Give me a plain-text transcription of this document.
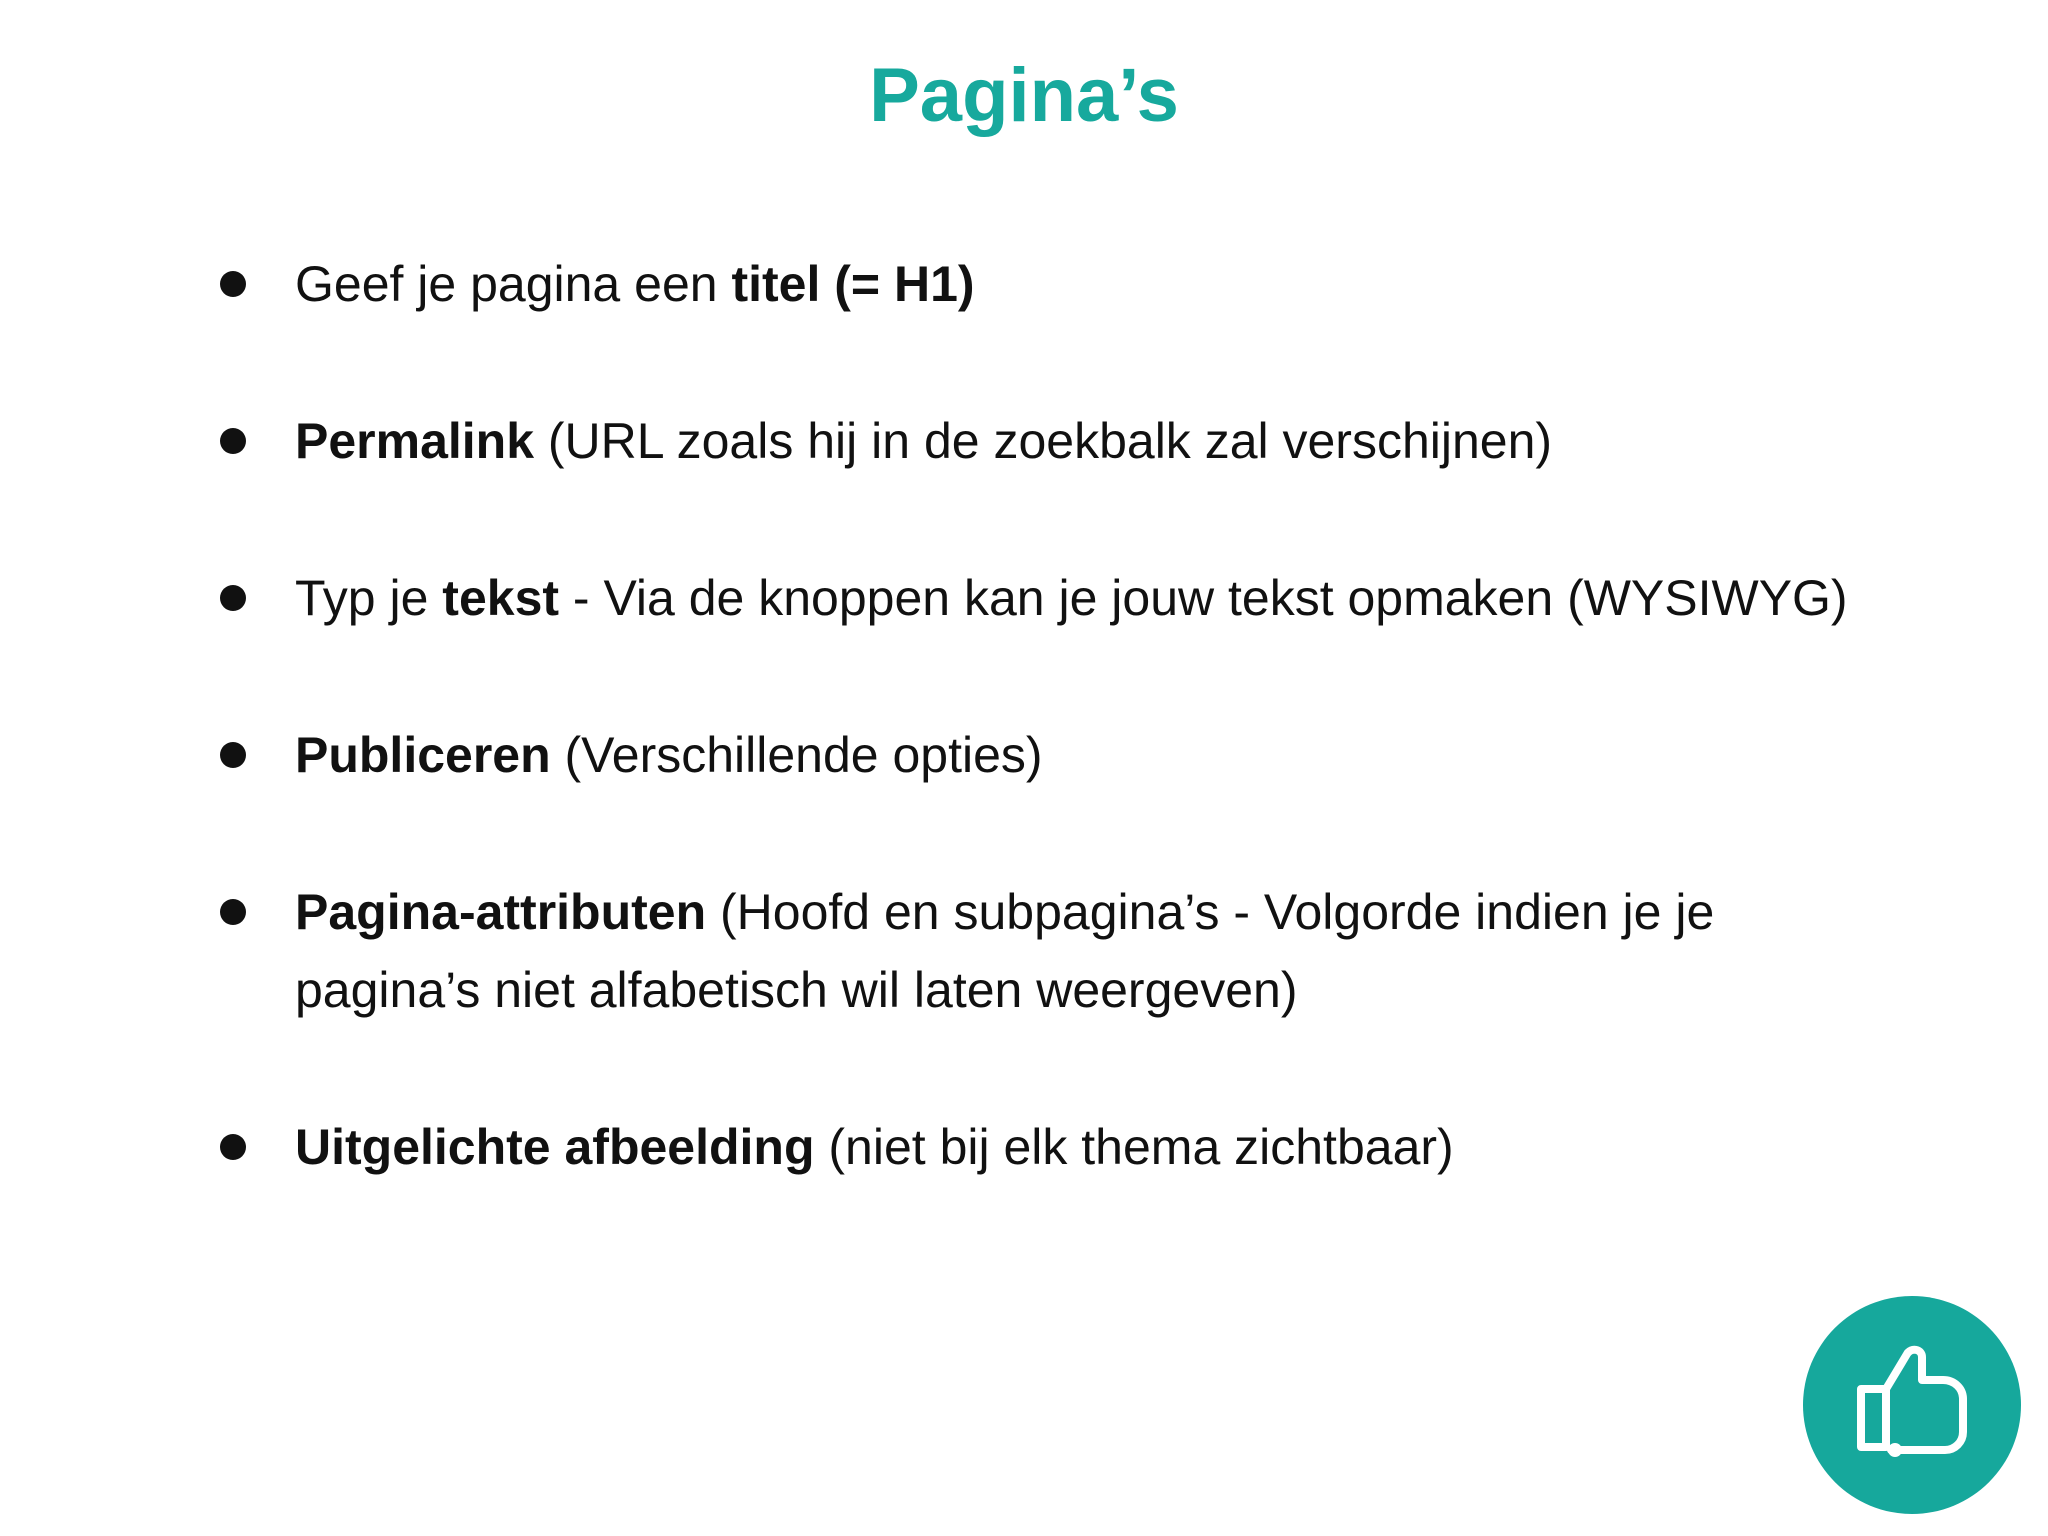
Pagina’s
Geef je pagina een titel (= H1)
Permalink (URL zoals hij in de zoekbalk zal verschijnen)
Typ je tekst - Via de knoppen kan je jouw tekst opmaken (WYSIWYG)
Publiceren (Verschillende opties)
Pagina-attributen (Hoofd en subpagina’s - Volgorde indien je je pagina’s niet alfabetisch wil laten weergeven)
Uitgelichte afbeelding (niet bij elk thema zichtbaar)
